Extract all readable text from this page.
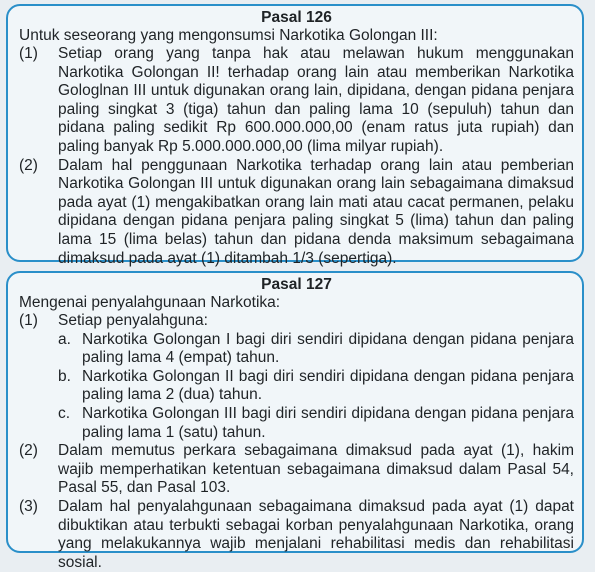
Pasal 126

Untuk seseorang yang mengonsumsi Narkotika Golongan III:

(1)	Setiap orang yang tanpa hak atau melawan hukum menggunakan Narkotika Golongan II! terhadap orang lain atau memberikan Narkotika Gologlnan III untuk digunakan orang lain, dipidana, dengan pidana penjara paling singkat 3 (tiga) tahun dan paling lama 10 (sepuluh) tahun dan pidana paling sedikit Rp 600.000.000,00 (enam ratus juta rupiah) dan paling banyak Rp 5.000.000.000,00 (lima milyar rupiah).
(2)	Dalam hal penggunaan Narkotika terhadap orang lain atau pemberian Narkotika Golongan III untuk digunakan orang lain sebagaimana dimaksud pada ayat (1) mengakibatkan orang lain mati atau cacat permanen, pelaku dipidana dengan pidana penjara paling singkat 5 (lima) tahun dan paling lama 15 (lima belas) tahun dan pidana denda maksimum sebagaimana dimaksud pada ayat (1) ditambah 1/3 (sepertiga).

Pasal 127

Mengenai penyalahgunaan Narkotika:

(1)	Setiap penyalahguna:
a. Narkotika Golongan I bagi diri sendiri dipidana dengan pidana penjara paling lama 4 (empat) tahun.
b. Narkotika Golongan II bagi diri sendiri dipidana dengan pidana penjara paling lama 2 (dua) tahun.
c. Narkotika Golongan III bagi diri sendiri dipidana dengan pidana penjara paling lama 1 (satu) tahun.
(2)	Dalam memutus perkara sebagaimana dimaksud pada ayat (1), hakim wajib memperhatikan ketentuan sebagaimana dimaksud dalam Pasal 54, Pasal 55, dan Pasal 103.
(3)	Dalam hal penyalahgunaan sebagaimana dimaksud pada ayat (1) dapat dibuktikan atau terbukti sebagai korban penyalahgunaan Narkotika, orang yang melakukannya wajib menjalani rehabilitasi medis dan rehabilitasi sosial.
